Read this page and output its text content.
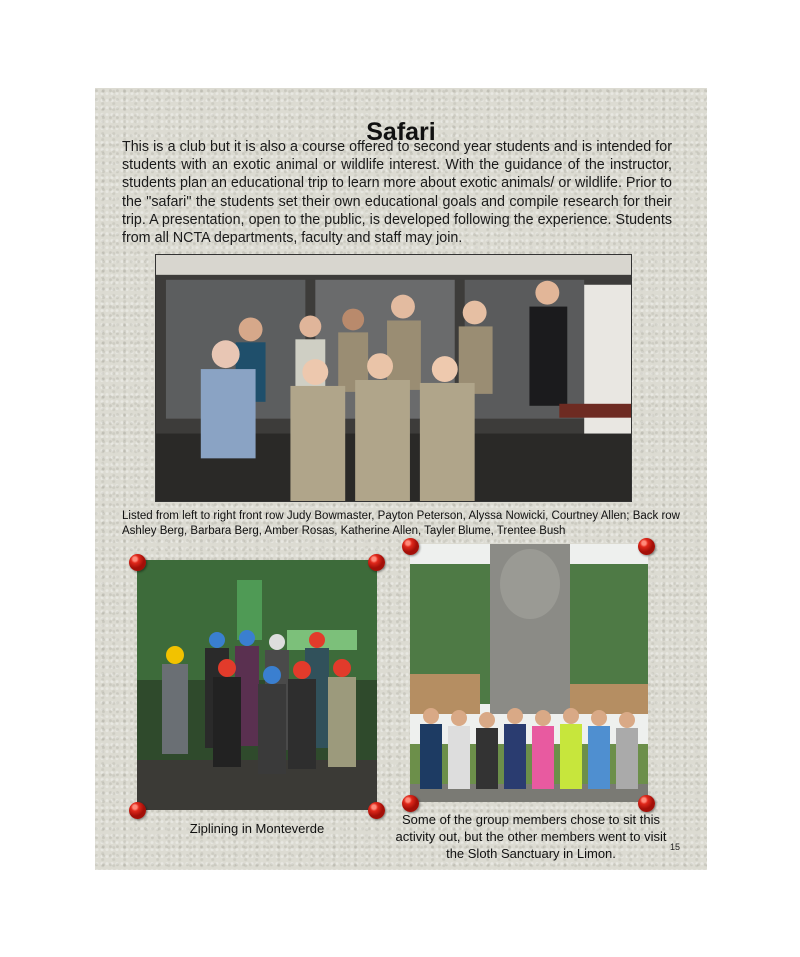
Safari

This is a club but it is also a course offered to second year students and is intended for students with an exotic animal or wildlife interest. With the guidance of the instructor, students plan an educational trip to learn more about exotic animals/ or wildlife. Prior to the "safari" the students set their own educational goals and compile research for their trip. A presentation, open to the public, is developed following the experience. Students from all NCTA departments, faculty and staff may join.

Listed from left to right front row Judy Bowmaster, Payton Peterson, Alyssa Nowicki, Courtney Allen; Back row Ashley Berg, Barbara Berg, Amber Rosas, Katherine Allen, Tayler Blume, Trentee Bush

Ziplining in Monteverde
Some of the group members chose to sit this activity out, but the other members went to visit the Sloth Sanctuary in Limon.	15
